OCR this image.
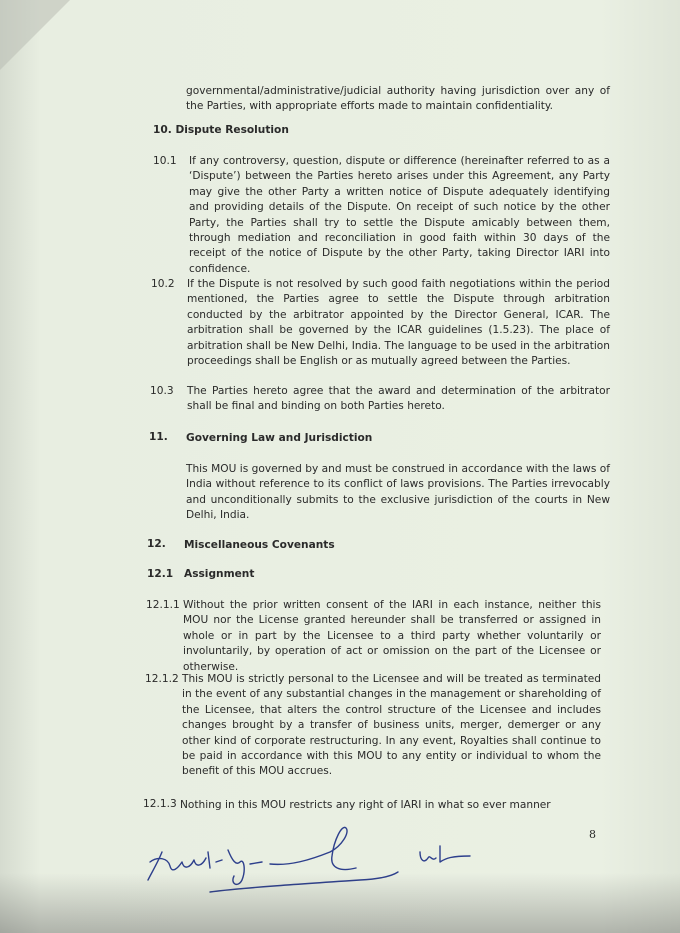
governmental/administrative/judicial authority having jurisdiction over any of the Parties, with appropriate efforts made to maintain confidentiality.
10. Dispute Resolution
10.1 If any controversy, question, dispute or difference (hereinafter referred to as a ‘Dispute’) between the Parties hereto arises under this Agreement, any Party may give the other Party a written notice of Dispute adequately identifying and providing details of the Dispute. On receipt of such notice by the other Party, the Parties shall try to settle the Dispute amicably between them, through mediation and reconciliation in good faith within 30 days of the receipt of the notice of Dispute by the other Party, taking Director IARI into confidence.
10.2 If the Dispute is not resolved by such good faith negotiations within the period mentioned, the Parties agree to settle the Dispute through arbitration conducted by the arbitrator appointed by the Director General, ICAR. The arbitration shall be governed by the ICAR guidelines (1.5.23). The place of arbitration shall be New Delhi, India. The language to be used in the arbitration proceedings shall be English or as mutually agreed between the Parties.
10.3 The Parties hereto agree that the award and determination of the arbitrator shall be final and binding on both Parties hereto.
11. Governing Law and Jurisdiction
This MOU is governed by and must be construed in accordance with the laws of India without reference to its conflict of laws provisions. The Parties irrevocably and unconditionally submits to the exclusive jurisdiction of the courts in New Delhi, India.
12. Miscellaneous Covenants
12.1 Assignment
12.1.1 Without the prior written consent of the IARI in each instance, neither this MOU nor the License granted hereunder shall be transferred or assigned in whole or in part by the Licensee to a third party whether voluntarily or involuntarily, by operation of act or omission on the part of the Licensee or otherwise.
12.1.2 This MOU is strictly personal to the Licensee and will be treated as terminated in the event of any substantial changes in the management or shareholding of the Licensee, that alters the control structure of the Licensee and includes changes brought by a transfer of business units, merger, demerger or any other kind of corporate restructuring. In any event, Royalties shall continue to be paid in accordance with this MOU to any entity or individual to whom the benefit of this MOU accrues.
12.1.3 Nothing in this MOU restricts any right of IARI in what so ever manner
8
